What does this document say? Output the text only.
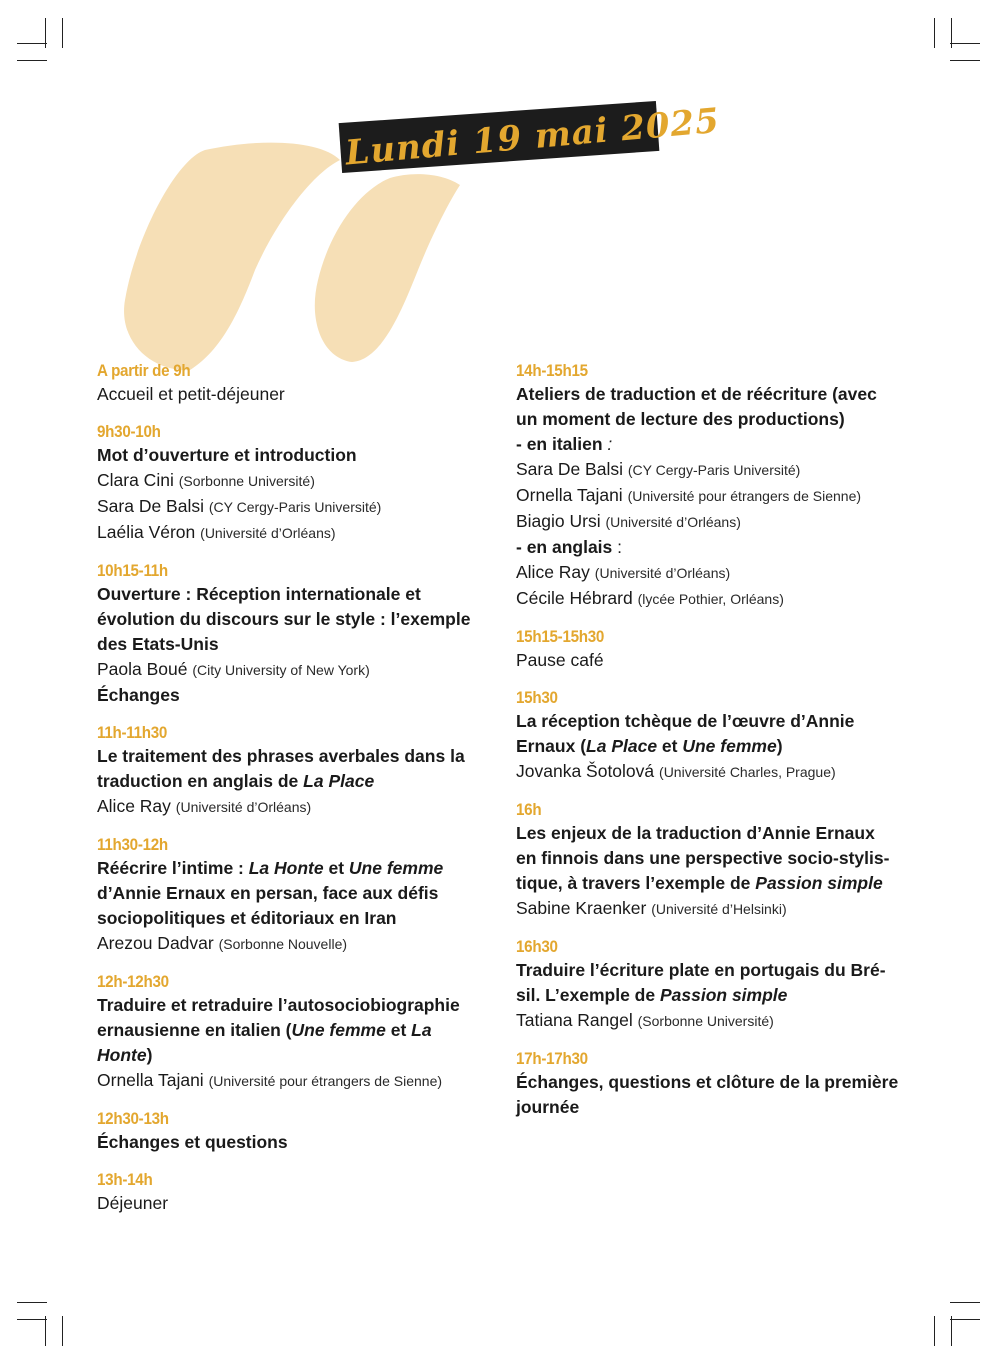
Lundi 19 mai 2025
A partir de 9h
Accueil et petit-déjeuner
9h30-10h
Mot d’ouverture et introduction
Clara Cini (Sorbonne Université)
Sara De Balsi (CY Cergy-Paris Université)
Laélia Véron (Université d’Orléans)
10h15-11h
Ouverture : Réception internationale et
évolution du discours sur le style : l’exemple
des Etats-Unis
Paola Boué (City University of New York)
Échanges
11h-11h30
Le traitement des phrases averbales dans la
traduction en anglais de La Place
Alice Ray (Université d’Orléans)
11h30-12h
Réécrire l’intime : La Honte et Une femme
d’Annie Ernaux en persan, face aux défis
sociopolitiques et éditoriaux en Iran
Arezou Dadvar (Sorbonne Nouvelle)
12h-12h30
Traduire et retraduire l’autosociobiographie
ernausienne en italien (Une femme et La
Honte)
Ornella Tajani (Université pour étrangers de Sienne)
12h30-13h
Échanges et questions
13h-14h
Déjeuner
14h-15h15
Ateliers de traduction et de réécriture (avec
un moment de lecture des productions)
- en italien :
Sara De Balsi (CY Cergy-Paris Université)
Ornella Tajani (Université pour étrangers de Sienne)
Biagio Ursi (Université d’Orléans)
- en anglais :
Alice Ray (Université d’Orléans)
Cécile Hébrard (lycée Pothier, Orléans)
15h15-15h30
Pause café
15h30
La réception tchèque de l’œuvre d’Annie
Ernaux (La Place et Une femme)
Jovanka Šotolová (Université Charles, Prague)
16h
Les enjeux de la traduction d’Annie Ernaux
en finnois dans une perspective socio-stylis-
tique, à travers l’exemple de Passion simple
Sabine Kraenker (Université d’Helsinki)
16h30
Traduire l’écriture plate en portugais du Bré-
sil. L’exemple de Passion simple
Tatiana Rangel (Sorbonne Université)
17h-17h30
Échanges, questions et clôture de la première
journée
